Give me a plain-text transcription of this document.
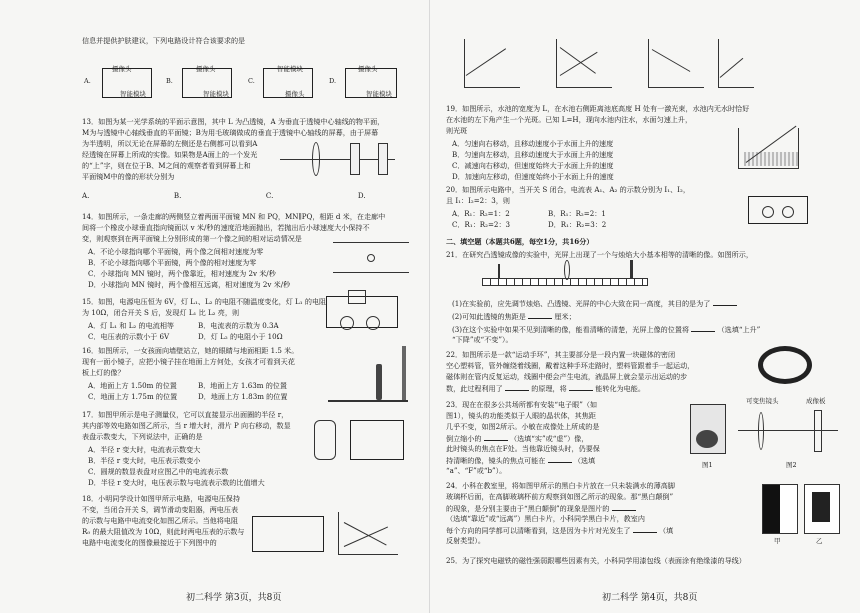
信息并提供护肤建议，下列电路设计符合该要求的是
A.
摄像头
智能模块
B.
摄像头
智能模块
C.
智能模块
摄像头
D.
摄像头
智能模块
13．如图为某一光学系统的平面示意图，其中 L 为凸透镜，A 为垂直于透镜中心轴线的物平面，
M为与透镜中心轴线垂直的平面镜；B为用毛玻璃做成的垂直于透镜中心轴线的屏幕，由于屏幕
为半透明，所以无论在屏幕的左侧还是右侧都可以看到A
经透镜在屏幕上所成的实像。如果物是A面上的一个发光
的“上”字，则在位于B、M之间的观察者看到屏幕上和
平面镜M中的像的形状分别为
A.	B.	C.	D.
14．如图所示，一条走廊的两侧竖立着两面平面镜 MN 和 PQ，MN∥PQ，相距 d 米，在走廊中
间将一个橡皮小球垂直指向镜面以 v 米/秒的速度沿地面抛出，若抛出后小球速度大小保持不
变，则观察到在两平面镜上分别形成的第一个像之间的相对运动情况是
A．不论小球指向哪个平面镜，两个像之间相对速度为零
B．不论小球指向哪个平面镜，两个像的相对速度为零
C．小球指向 MN 镜时，两个像靠近，相对速度为 2v 米/秒
D．小球指向 MN 镜时，两个像相互远离，相对速度为 2v 米/秒
15．如图，电源电压恒为 6V，灯 L₁、L₂ 的电阻不随温度变化，灯 L₁ 的电阻
为 10Ω，闭合开关 S 后，发现灯 L₁ 比 L₂ 亮，则
A．灯 L₁ 和 L₂ 的电流相等	B．电流表的示数为 0.3A
C．电压表的示数小于 6V	D．灯 L₂ 的电阻小于 10Ω
16．如图所示，一女孩面向墙壁站立，她的眼睛与地面相距 1.5 米。
现有一面小镜子，应把小镜子挂在地面上方何处，女孩才可看到天花
板上灯的像？
A．地面上方 1.50m 的位置	B．地面上方 1.63m 的位置
C．地面上方 1.75m 的位置	D．地面上方 1.83m 的位置
17．如图甲所示是电子测量仪，它可以直接显示出面圈的半径 r，
其内部等效电路如图乙所示，当 r 增大时，滑片 P 向右移动，数显
表盘示数变大，下列说法中，正确的是
A．半径 r 变大时，电流表示数变大
B．半径 r 变大时，电压表示数变小
C．圆规的数显表盘对应图乙中的电流表示数
D．半径 r 变大时，电压表示数与电流表示数的比值增大
18．小明同学设计如图甲所示电路，电源电压保持
不变，当闭合开关 S，调节滑动变阻器，两电压表
的示数与电路中电流变化如图乙所示。当他将电阻
R₀ 的最大阻值改为 10Ω，则此时两电压表的示数与
电路中电流变化的图像最接近于下列图中的
初二科学 第3页，共8页
19．如图所示，水池的宽度为 L，在水池右侧距离池底高度 H 处有一激光束，水池内无水时恰好
在水池的左下角产生一个光斑。已知 L=H，现向水池内注水，水面匀速上升，
则光斑
A．匀速向右移动，且移动速度小于水面上升的速度
B．匀速向左移动，且移动速度大于水面上升的速度
C．减速向右移动，但速度始终大于水面上升的速度
D．加速向左移动，但速度始终小于水面上升的速度
20．如图所示电路中，当开关 S 闭合，电流表 A₁、A₂ 的示数分别为 I₁、I₂，
且 I₁：I₂=2：3，则
A．R₁：R₂=1：2	B．R₁：R₂=2：1
C．R₁：R₂=2：3	D．R₁：R₂=3：2
二、填空题（本题共6题，每空1分，共16分）
21．在研究凸透镜成像的实验中，光屏上出现了一个与烛焰大小基本相等的清晰的像。如图所示，
(1)在实验前，应先调节烛焰、凸透镜、光屏的中心大致在同一高度，其目的是为了
(2)可知此透镜的焦距是	厘米；
(3)在这个实验中如果不见到清晰的像，能看清晰的清楚，光屏上像的位置将	（选填“上升”
“下降”或“不变”）。
22．如图所示是一款“运动手环”，其主要部分是一段内置一块磁体的密闭
空心塑料管，管外缠绕着线圈，戴着这种手环走路时，塑料管跟着手一起运动，
磁体则在管内反复运动，线圈中便会产生电流，液晶屏上就会显示出运动的步
数，此过程利用了	的原理，将	能转化为电能。
23．现在在很多公共场所都有安装“电子眼”（如
图1），镜头的功能类似于人眼的晶状体，其焦距
几乎不变，如图2所示。小敏在成像处上所成的是
倒立缩小的	（选填“实”或“虚”）像，
此时镜头的焦点在F处。当他靠近镜头时，仍要保
持清晰的像，镜头的焦点可能在	（选填
“a”、“F”或“b”）。
可变焦镜头	成像板
图1	图2
24．小科在教室里，将如图甲所示的黑白卡片放在一只未装满水的薄高脚
玻璃杯后面，在高脚玻璃杯前方观察到如图乙所示的现象。那“黑白颠倒”
的现象，是分别主要由于“黑白颠倒”的现象是图片的
（选填“靠近”或“远离”）黑白卡片，小科同学黑白卡片，教室内
每个方向的同学都可以清晰看到，这是因为卡片对光发生了	（填
反射类型）。	甲	乙
25．为了探究电磁铁的磁性强弱跟哪些因素有关，小科同学用漆包线（表面涂有绝缘漆的导线）
初二科学 第4页，共8页
